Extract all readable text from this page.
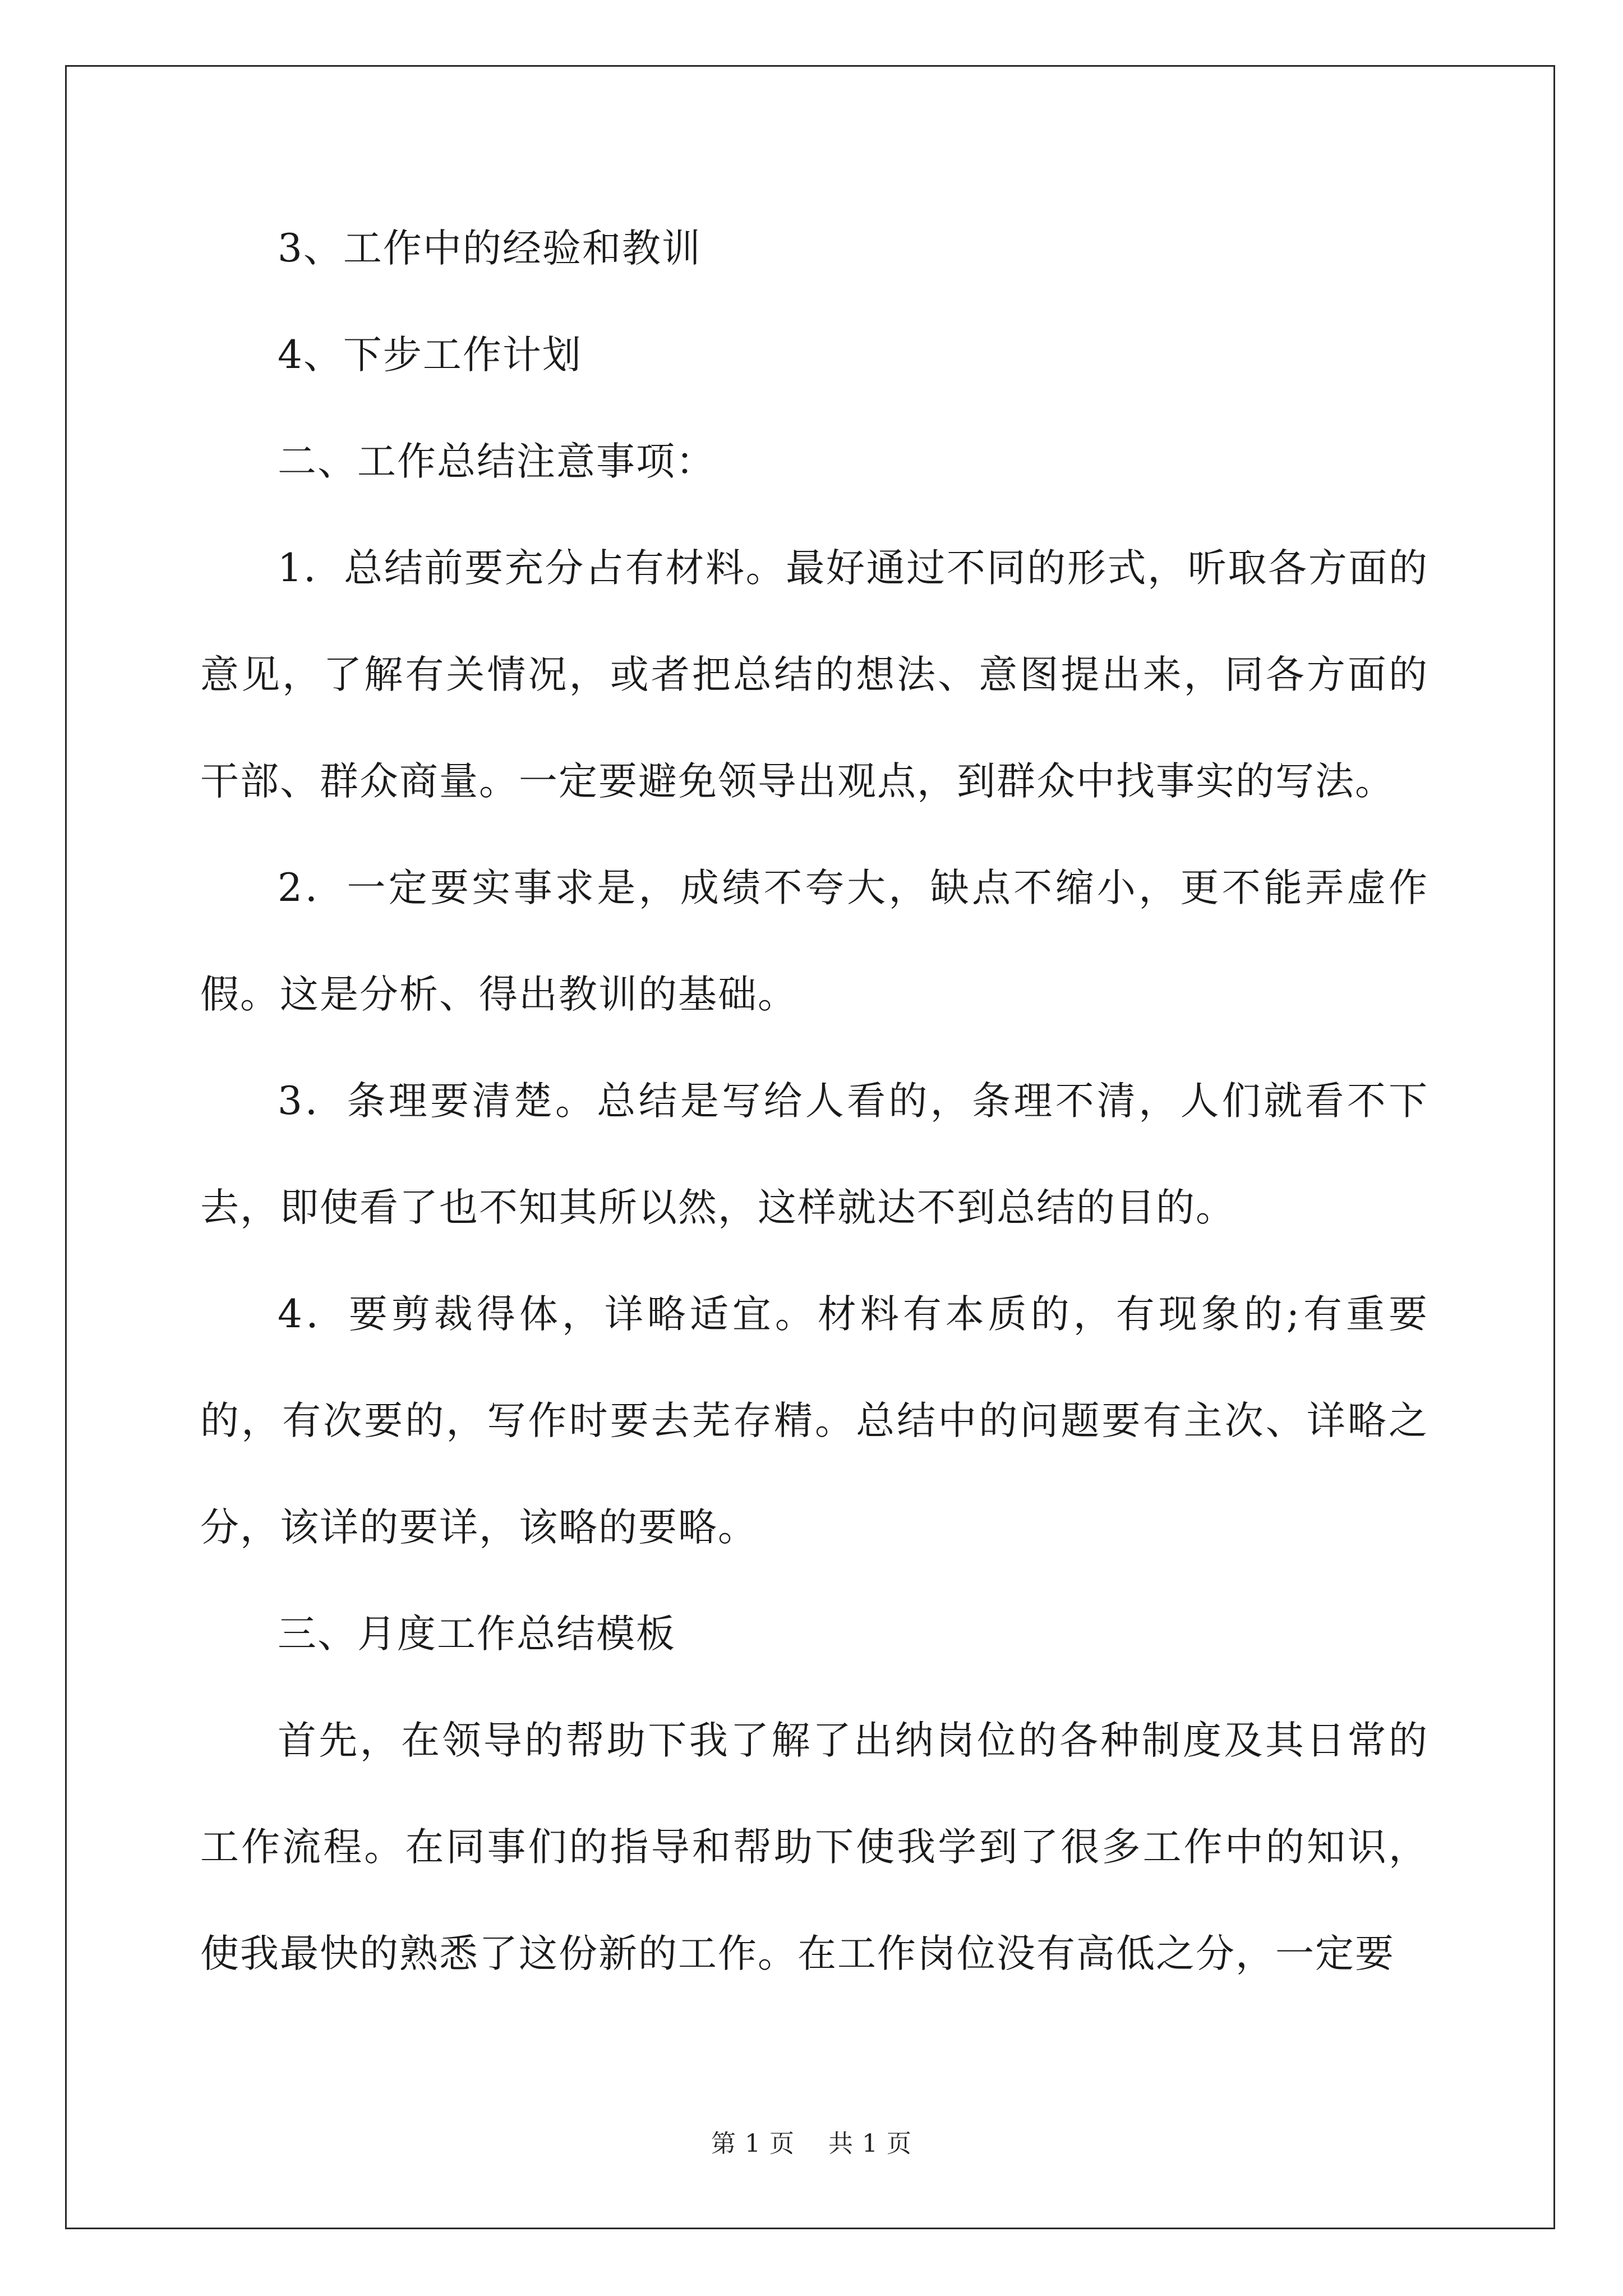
3、工作中的经验和教训

4、下步工作计划

二、工作总结注意事项：

1．总结前要充分占有材料。最好通过不同的形式，听取各方面的意见，了解有关情况，或者把总结的想法、意图提出来，同各方面的干部、群众商量。一定要避免领导出观点，到群众中找事实的写法。

2．一定要实事求是，成绩不夸大，缺点不缩小，更不能弄虚作假。这是分析、得出教训的基础。

3．条理要清楚。总结是写给人看的，条理不清，人们就看不下去，即使看了也不知其所以然，这样就达不到总结的目的。

4．要剪裁得体，详略适宜。材料有本质的，有现象的;有重要的，有次要的，写作时要去芜存精。总结中的问题要有主次、详略之分，该详的要详，该略的要略。

三、月度工作总结模板

首先，在领导的帮助下我了解了出纳岗位的各种制度及其日常的工作流程。在同事们的指导和帮助下使我学到了很多工作中的知识，使我最快的熟悉了这份新的工作。在工作岗位没有高低之分，一定要

第 1 页　 共 1 页
